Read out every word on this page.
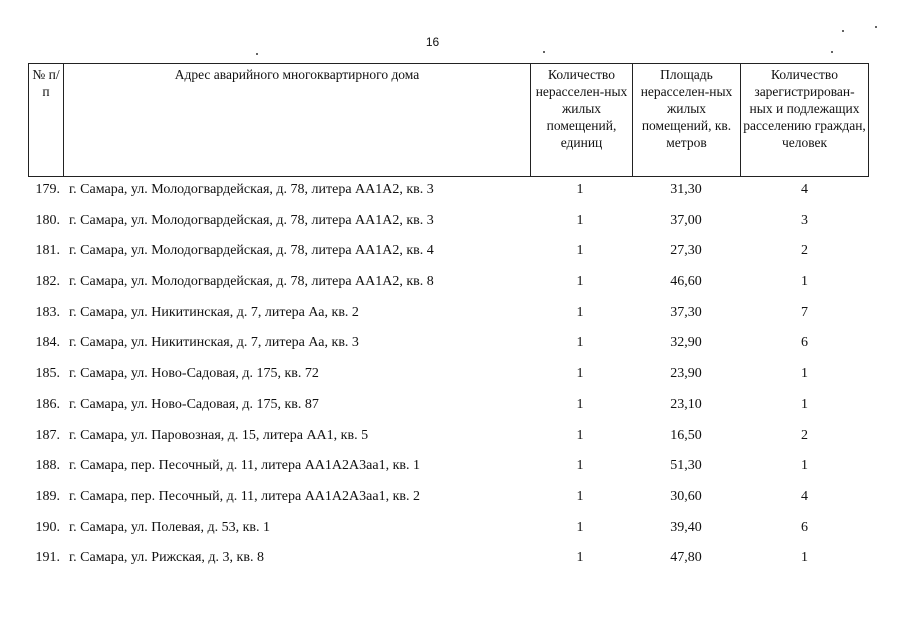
16
№ п/п	Адрес аварийного многоквартирного дома	Количество нерасселен-ных жилых помещений, единиц	Площадь нерасселен-ных жилых помещений, кв. метров	Количество зарегистрирован-ных и подлежащих расселению граждан, человек
179. г. Самара, ул. Молодогвардейская, д. 78, литера АА1А2, кв. 3	1	31,30	4
180. г. Самара, ул. Молодогвардейская, д. 78, литера АА1А2, кв. 3	1	37,00	3
181. г. Самара, ул. Молодогвардейская, д. 78, литера АА1А2, кв. 4	1	27,30	2
182. г. Самара, ул. Молодогвардейская, д. 78, литера АА1А2, кв. 8	1	46,60	1
183. г. Самара, ул. Никитинская, д. 7, литера Аа, кв. 2	1	37,30	7
184. г. Самара, ул. Никитинская, д. 7, литера Аа, кв. 3	1	32,90	6
185. г. Самара, ул. Ново-Садовая, д. 175, кв. 72	1	23,90	1
186. г. Самара, ул. Ново-Садовая, д. 175, кв. 87	1	23,10	1
187. г. Самара, ул. Паровозная, д. 15, литера АА1, кв. 5	1	16,50	2
188. г. Самара, пер. Песочный, д. 11, литера АА1А2А3аа1, кв. 1	1	51,30	1
189. г. Самара, пер. Песочный, д. 11, литера АА1А2А3аа1, кв. 2	1	30,60	4
190. г. Самара, ул. Полевая, д. 53, кв. 1	1	39,40	6
191. г. Самара, ул. Рижская, д. 3, кв. 8	1	47,80	1
